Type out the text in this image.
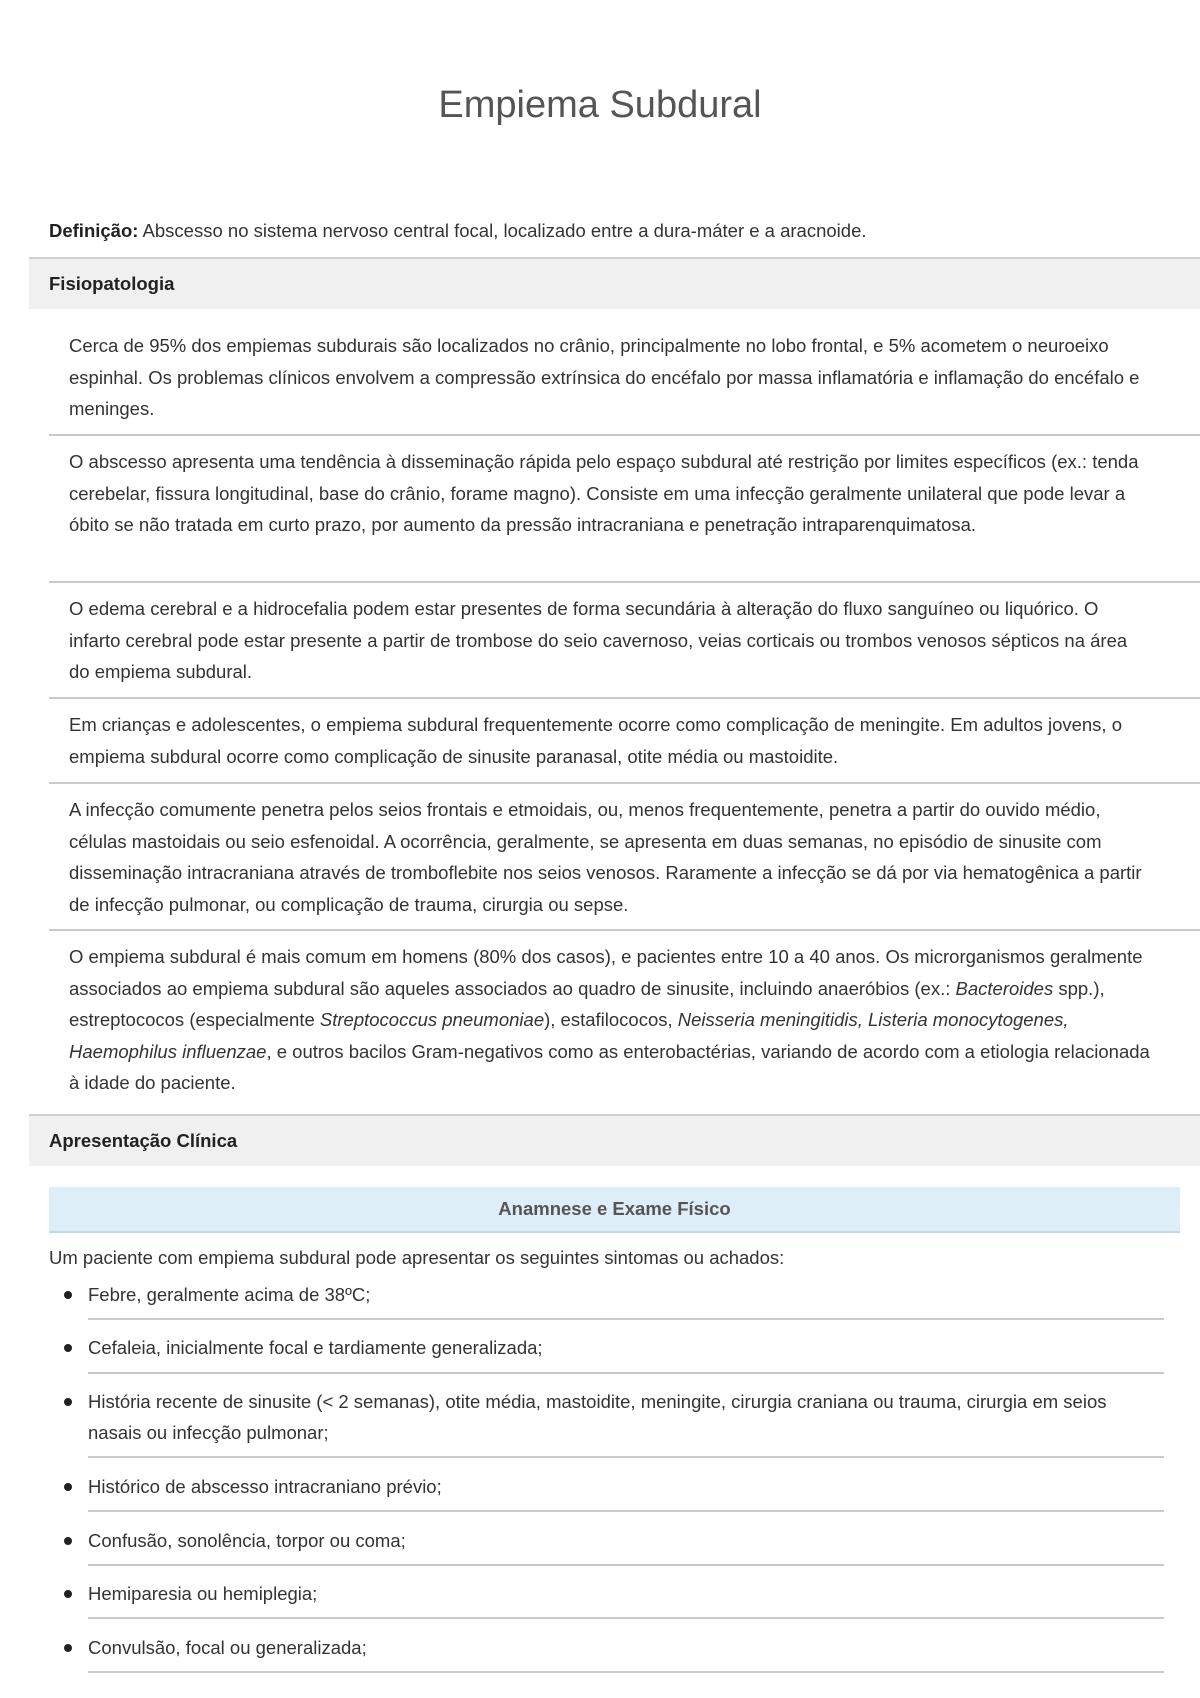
Empiema Subdural
Definição: Abscesso no sistema nervoso central focal, localizado entre a dura-máter e a aracnoide.
Fisiopatologia
Cerca de 95% dos empiemas subdurais são localizados no crânio, principalmente no lobo frontal, e 5% acometem o neuroeixo espinhal. Os problemas clínicos envolvem a compressão extrínsica do encéfalo por massa inflamatória e inflamação do encéfalo e meninges.
O abscesso apresenta uma tendência à disseminação rápida pelo espaço subdural até restrição por limites específicos (ex.: tenda cerebelar, fissura longitudinal, base do crânio, forame magno). Consiste em uma infecção geralmente unilateral que pode levar a óbito se não tratada em curto prazo, por aumento da pressão intracraniana e penetração intraparenquimatosa.
O edema cerebral e a hidrocefalia podem estar presentes de forma secundária à alteração do fluxo sanguíneo ou liquórico. O infarto cerebral pode estar presente a partir de trombose do seio cavernoso, veias corticais ou trombos venosos sépticos na área do empiema subdural.
Em crianças e adolescentes, o empiema subdural frequentemente ocorre como complicação de meningite. Em adultos jovens, o empiema subdural ocorre como complicação de sinusite paranasal, otite média ou mastoidite.
A infecção comumente penetra pelos seios frontais e etmoidais, ou, menos frequentemente, penetra a partir do ouvido médio, células mastoidais ou seio esfenoidal. A ocorrência, geralmente, se apresenta em duas semanas, no episódio de sinusite com disseminação intracraniana através de tromboflebite nos seios venosos. Raramente a infecção se dá por via hematogênica a partir de infecção pulmonar, ou complicação de trauma, cirurgia ou sepse.
O empiema subdural é mais comum em homens (80% dos casos), e pacientes entre 10 a 40 anos. Os microrganismos geralmente associados ao empiema subdural são aqueles associados ao quadro de sinusite, incluindo anaeróbios (ex.: Bacteroides spp.), estreptococos (especialmente Streptococcus pneumoniae), estafilococos, Neisseria meningitidis, Listeria monocytogenes, Haemophilus influenzae, e outros bacilos Gram-negativos como as enterobactérias, variando de acordo com a etiologia relacionada à idade do paciente.
Apresentação Clínica
Anamnese e Exame Físico
Um paciente com empiema subdural pode apresentar os seguintes sintomas ou achados:
Febre, geralmente acima de 38ºC;
Cefaleia, inicialmente focal e tardiamente generalizada;
História recente de sinusite (< 2 semanas), otite média, mastoidite, meningite, cirurgia craniana ou trauma, cirurgia em seios nasais ou infecção pulmonar;
Histórico de abscesso intracraniano prévio;
Confusão, sonolência, torpor ou coma;
Hemiparesia ou hemiplegia;
Convulsão, focal ou generalizada;
